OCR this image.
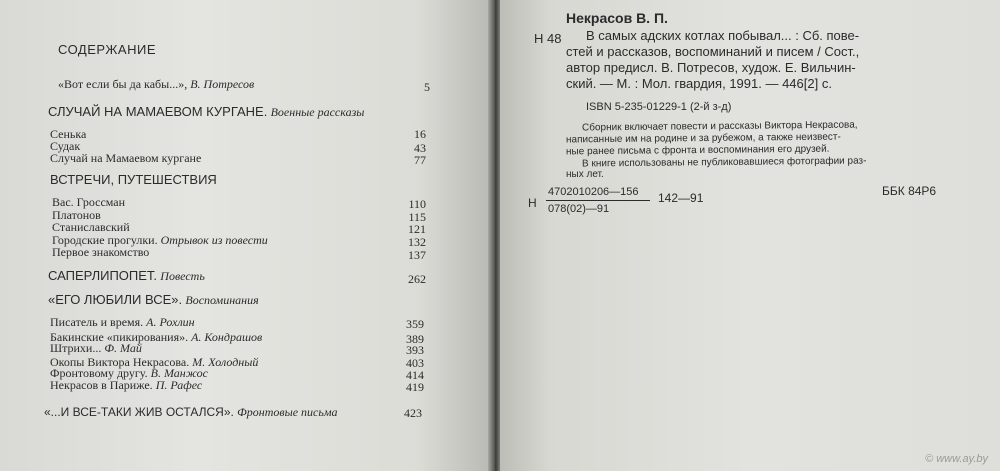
СОДЕРЖАНИЕ
«Вот если бы да кабы...», В. Потресов	5
СЛУЧАЙ НА МАМАЕВОМ КУРГАНЕ. Военные рассказы
Сенька	16
Судак	43
Случай на Мамаевом кургане	77
ВСТРЕЧИ, ПУТЕШЕСТВИЯ
Вас. Гроссман	110
Платонов	115
Станиславский	121
Городские прогулки. Отрывок из повести	132
Первое знакомство	137
САПЕРЛИПОПЕТ. Повесть	262
«ЕГО ЛЮБИЛИ ВСЕ». Воспоминания
Писатель и время. А. Рохлин	359
Бакинские «пикирования». А. Кондрашов	389
Штрихи... Ф. Май	393
Окопы Виктора Некрасова. М. Холодный	403
Фронтовому другу. В. Манжос	414
Некрасов в Париже. П. Рафес	419
«...И ВСЕ-ТАКИ ЖИВ ОСТАЛСЯ». Фронтовые письма	423
Некрасов В. П.
Н 48 В самых адских котлах побывал... : Сб. пове-
стей и рассказов, воспоминаний и писем / Сост.,
автор предисл. В. Потресов, худож. Е. Вильчин-
ский. — М. : Мол. гвардия, 1991. — 446[2] с.
ISBN 5-235-01229-1 (2-й з-д)
Сборник включает повести и рассказы Виктора Некрасова,
написанные им на родине и за рубежом, а также неизвест-
ные ранее письма с фронта и воспоминания его друзей.
В книге использованы не публиковавшиеся фотографии раз-
ных лет.
Н
4702010206—156
078(02)—91
142—91	ББК 84Р6
© www.ay.by
